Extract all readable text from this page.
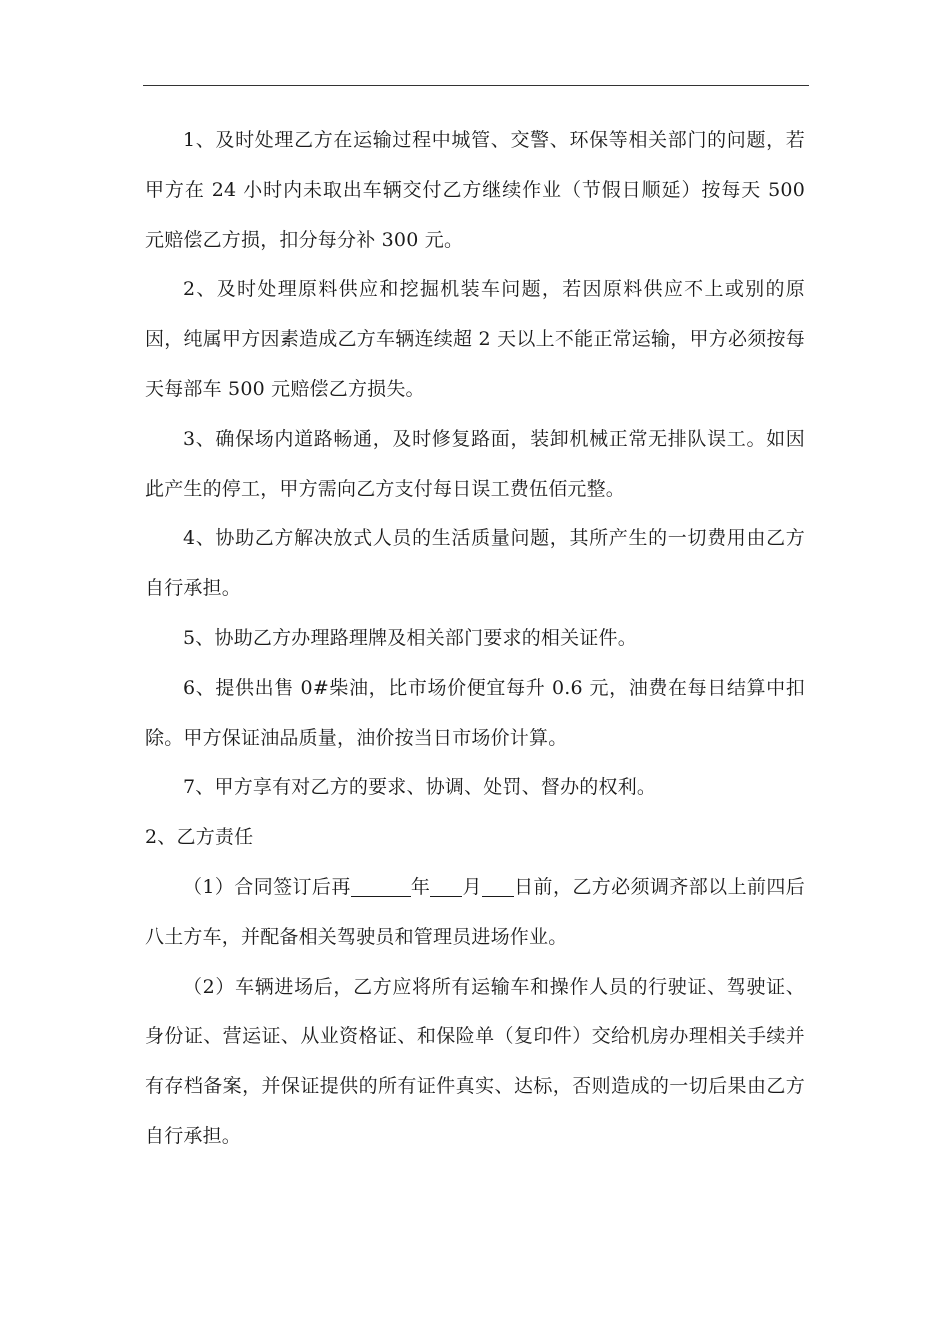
1、及时处理乙方在运输过程中城管、交警、环保等相关部门的问题，若甲方在 24 小时内未取出车辆交付乙方继续作业（节假日顺延）按每天 500 元赔偿乙方损，扣分每分补 300 元。

2、及时处理原料供应和挖掘机装车问题，若因原料供应不上或别的原因，纯属甲方因素造成乙方车辆连续超 2 天以上不能正常运输，甲方必须按每天每部车 500 元赔偿乙方损失。

3、确保场内道路畅通，及时修复路面，装卸机械正常无排队误工。如因此产生的停工，甲方需向乙方支付每日误工费伍佰元整。

4、协助乙方解决放式人员的生活质量问题，其所产生的一切费用由乙方自行承担。

5、协助乙方办理路理牌及相关部门要求的相关证件。

6、提供出售 0#柴油，比市场价便宜每升 0.6 元，油费在每日结算中扣除。甲方保证油品质量，油价按当日市场价计算。

7、甲方享有对乙方的要求、协调、处罚、督办的权利。

2、乙方责任

（1）合同签订后再	年 月 日前，乙方必须调齐部以上前四后八土方车，并配备相关驾驶员和管理员进场作业。

（2）车辆进场后，乙方应将所有运输车和操作人员的行驶证、驾驶证、身份证、营运证、从业资格证、和保险单（复印件）交给机房办理相关手续并有存档备案，并保证提供的所有证件真实、达标，否则造成的一切后果由乙方自行承担。
